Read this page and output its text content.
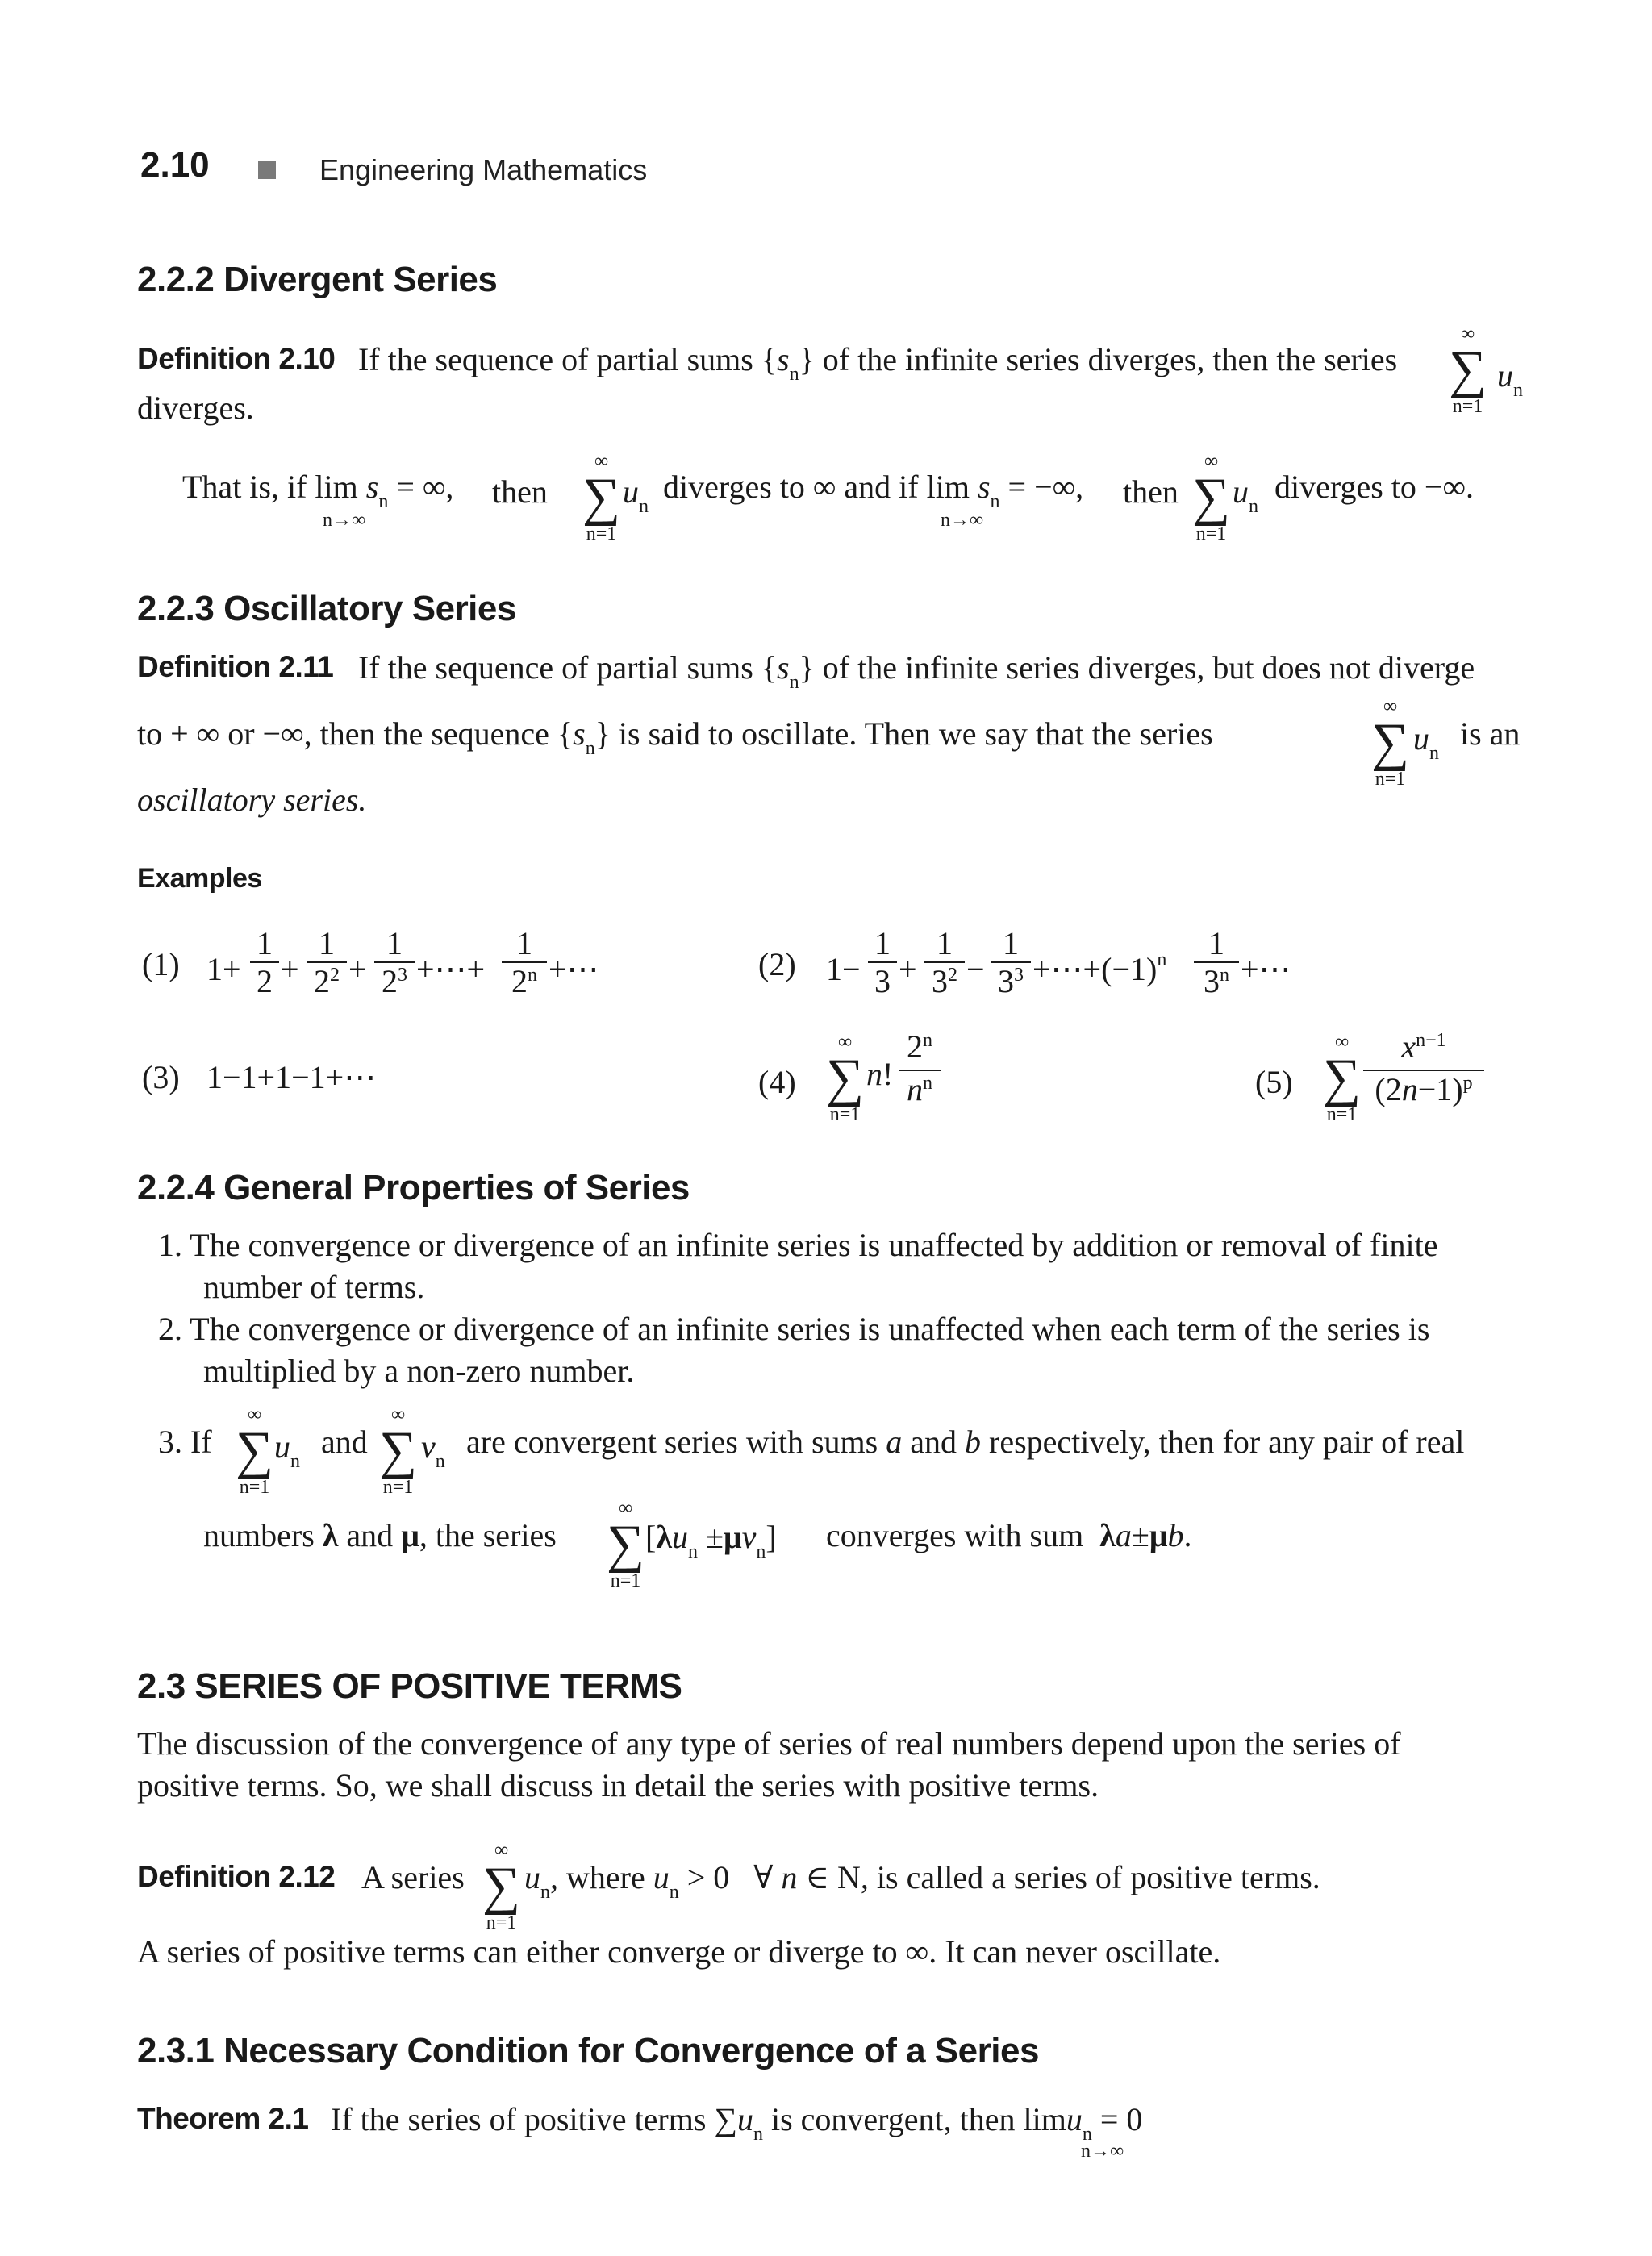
2.10	Engineering Mathematics
2.2.2 Divergent Series
Definition 2.10 If the sequence of partial sums $\{s_n\}$ of the infinite series diverges, then the series
∞
∑
n=1
$u_n$
diverges.
That is, if $\lim s_n$ = ∞,
n→∞
then
∞
∑
n=1
$u_n$
diverges to ∞ and if $\lim s_n$ = −∞,
n→∞
then
∞
∑
n=1
$u_n$
diverges to −∞.
2.2.3 Oscillatory Series
Definition 2.11 If the sequence of partial sums $\{s_n\}$ of the infinite series diverges, but does not diverge
to + ∞ or −∞, then the sequence $\{s_n\}$ is said to oscillate. Then we say that the series
∞
∑
n=1
$u_n$
is an
oscillatory series.
Examples
(1) $1+ \frac{1}{2} + \frac{1}{2^2} + \frac{1}{2^3}$ +⋯+ $\frac{1}{2^n}$ +⋯	(2) $1- \frac{1}{3} + \frac{1}{3^2} - \frac{1}{3^3}$ $+\cdots+(-1)^n \frac{1}{3^n}$ +⋯
(3) 1−1+1−1+⋯	(4)
∞
∑
n=1
n! $\frac{2^n}{n^n}$	(5)
∞
∑
n=1
$\frac{x^{n-1}}{(2n-1)^p}$
2.2.4 General Properties of Series
1. The convergence or divergence of an infinite series is unaffected by addition or removal of finite
number of terms.
2. The convergence or divergence of an infinite series is unaffected when each term of the series is
multiplied by a non-zero number.
3. If
∞
∑
n=1
$u_n$
and
∞
∑
n=1
$v_n$
are convergent series with sums a and b respectively, then for any pair of real
numbers λ and μ, the series
∞
∑
n=1
$[\lambda u_n \pm\mu v_n]$ converges with sum λa±μb.
2.3 SERIES OF POSITIVE TERMS
The discussion of the convergence of any type of series of real numbers depend upon the series of
positive terms. So, we shall discuss in detail the series with positive terms.
Definition 2.12 A series
∞
∑
n=1
$u_n$, where $u_n > 0$   ∀ n ∈ N, is called a series of positive terms.
A series of positive terms can either converge or diverge to ∞. It can never oscillate.
2.3.1 Necessary Condition for Convergence of a Series
Theorem 2.1 If the series of positive terms $\sum u_n$ is convergent, then limu$_n$ = 0
n→∞
